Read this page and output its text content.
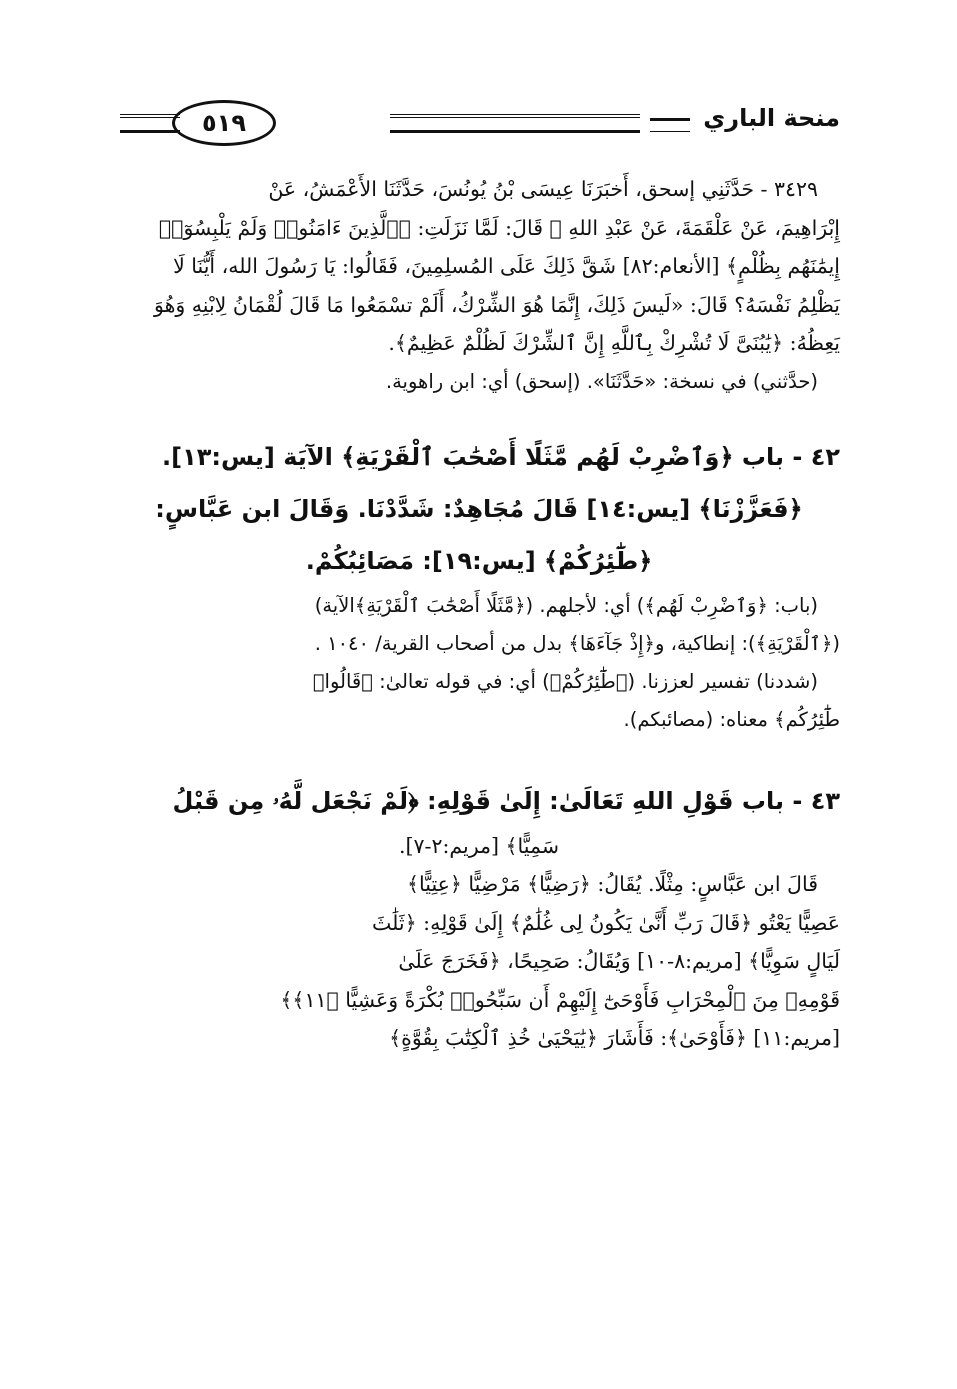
منحة الباري
٥١٩

٣٤٢٩ - حَدَّثَنِي إسحق، أَخبَرَنَا عِيسَى بْنُ يُونُسَ، حَدَّثَنَا الأَعْمَشُ، عَنْ

إِبْرَاهِيمَ، عَنْ عَلْقَمَةَ، عَنْ عَبْدِ اللهِ ﷺ قَالَ: لَمَّا نَزَلَتِ: ﴿ٱلَّذِينَ ءَامَنُوا۟ وَلَمْ يَلْبِسُوٓا۟

إِيمَٰنَهُم بِظُلْمٍ﴾ [الأنعام:٨٢] شَقَّ ذَلِكَ عَلَى المُسلِمِينَ، فَقَالُوا: يَا رَسُولَ الله، أَيُّنَا لَا

يَظْلِمُ نَفْسَهُ؟ قَالَ: «لَيسَ ذَلِكَ، إِنَّمَا هُوَ الشِّرْكُ، أَلَمْ تسْمَعُوا مَا قَالَ لُقْمَانُ لِابْنِهِ وَهُوَ

يَعِظُهُ: ﴿يَٰبُنَىَّ لَا تُشْرِكْ بِٱللَّهِ إِنَّ ٱلشِّرْكَ لَظُلْمٌ عَظِيمٌ﴾.

(حدَّثني) في نسخة: «حَدَّثَنَا». (إسحق) أي: ابن راهوية.

٤٢ - باب ﴿وَٱضْرِبْ لَهُم مَّثَلًا أَصْحَٰبَ ٱلْقَرْيَةِ﴾ الآيَة [يس:١٣].

﴿فَعَزَّزْنَا﴾ [يس:١٤] قَالَ مُجَاهِدٌ: شَدَّدْنَا. وَقَالَ ابن عَبَّاسٍ:

﴿طَٰٓئِرُكُمْ﴾ [يس:١٩]: مَصَائِبُكُمْ.

(باب: ﴿وَٱضْرِبْ لَهُم﴾) أي: لأجلهم. (﴿مَّثَلًا أَصْحَٰبَ ٱلْقَرْيَةِ﴾الآية)

(﴿ٱلْقَرْيَةِ﴾): إنطاكية، و﴿إِذْ جَآءَهَا﴾ بدل من أصحاب القرية/ ١٠٤٠ .

(شددنا) تفسير لعززنا. (﴿طَٰٓئِرُكُمْ﴾) أي: في قوله تعالىٰ: ﴿قَالُوا۟

طَٰٓئِرُكُم﴾ معناه: (مصائبكم).

٤٣ - باب قَوْلِ اللهِ تَعَالَىٰ: إِلَىٰ قَوْلِهِ: ﴿لَمْ نَجْعَل لَّهُۥ مِن قَبْلُ

سَمِيًّا﴾ [مريم:٢-٧].

قَالَ ابن عَبَّاسٍ: مِثْلًا. يُقَالُ: ﴿رَضِيًّا﴾ مَرْضِيًّا ﴿عِتِيًّا﴾

عَصِيًّا يَعْتُو ﴿قَالَ رَبِّ أَنَّىٰ يَكُونُ لِى غُلَٰمٌ﴾ إِلَىٰ قَوْلِهِ: ﴿ثَلَٰثَ

لَيَالٍ سَوِيًّا﴾ [مريم:٨-١٠] وَيُقَالُ: صَحِيحًا، ﴿فَخَرَجَ عَلَىٰ

قَوْمِهِۦ مِنَ ٱلْمِحْرَابِ فَأَوْحَىٰٓ إِلَيْهِمْ أَن سَبِّحُوا۟ بُكْرَةً وَعَشِيًّا ﴿١١﴾﴾

[مريم:١١] ﴿فَأَوْحَىٰ﴾: فَأَشَارَ ﴿يَٰيَحْيَىٰ خُذِ ٱلْكِتَٰبَ بِقُوَّةٍ﴾
